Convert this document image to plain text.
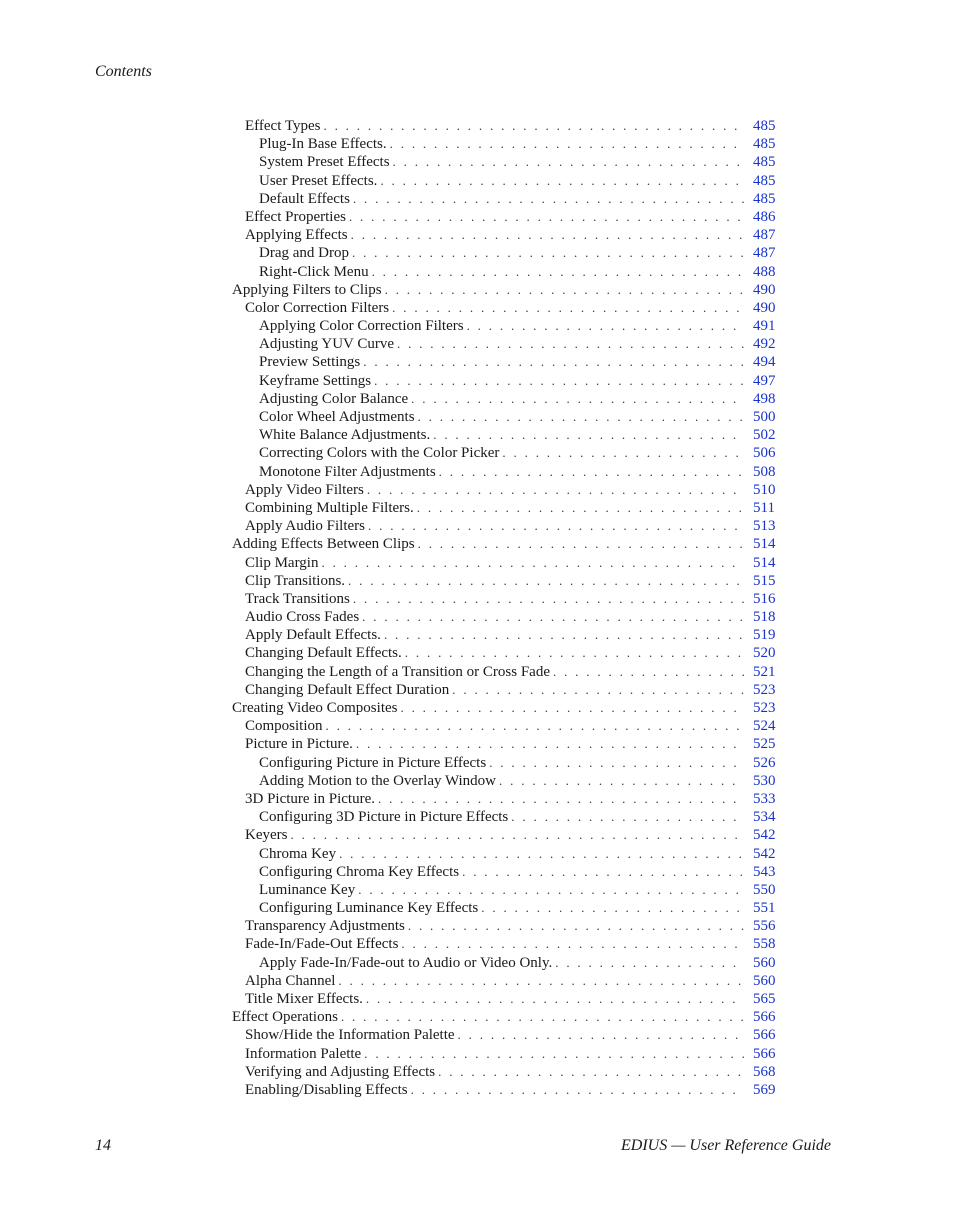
Contents

Effect Types . . .	485
Plug-In Base Effects. . . .	485
System Preset Effects . . .	485
User Preset Effects. . . .	485
Default Effects . . .	485
Effect Properties . . .	486
Applying Effects . . .	487
Drag and Drop . . .	487
Right-Click Menu . . .	488
Applying Filters to Clips . . .	490
Color Correction Filters . . .	490
Applying Color Correction Filters . . .	491
Adjusting YUV Curve . . .	492
Preview Settings . . .	494
Keyframe Settings . . .	497
Adjusting Color Balance . . .	498
Color Wheel Adjustments . . .	500
White Balance Adjustments. . . .	502
Correcting Colors with the Color Picker . . .	506
Monotone Filter Adjustments . . .	508
Apply Video Filters . . .	510
Combining Multiple Filters. . . .	511
Apply Audio Filters . . .	513
Adding Effects Between Clips . . .	514
Clip Margin . . .	514
Clip Transitions. . . .	515
Track Transitions . . .	516
Audio Cross Fades . . .	518
Apply Default Effects. . . .	519
Changing Default Effects. . . .	520
Changing the Length of a Transition or Cross Fade . . .	521
Changing Default Effect Duration . . .	523
Creating Video Composites . . .	523
Composition . . .	524
Picture in Picture. . . .	525
Configuring Picture in Picture Effects . . .	526
Adding Motion to the Overlay Window . . .	530
3D Picture in Picture. . . .	533
Configuring 3D Picture in Picture Effects . . .	534
Keyers . . .	542
Chroma Key . . .	542
Configuring Chroma Key Effects . . .	543
Luminance Key . . .	550
Configuring Luminance Key Effects . . .	551
Transparency Adjustments . . .	556
Fade-In/Fade-Out Effects . . .	558
Apply Fade-In/Fade-out to Audio or Video Only. . . .	560
Alpha Channel . . .	560
Title Mixer Effects. . . .	565
Effect Operations . . .	566
Show/Hide the Information Palette . . .	566
Information Palette . . .	566
Verifying and Adjusting Effects . . .	568
Enabling/Disabling Effects . . .	569

14	EDIUS — User Reference Guide
